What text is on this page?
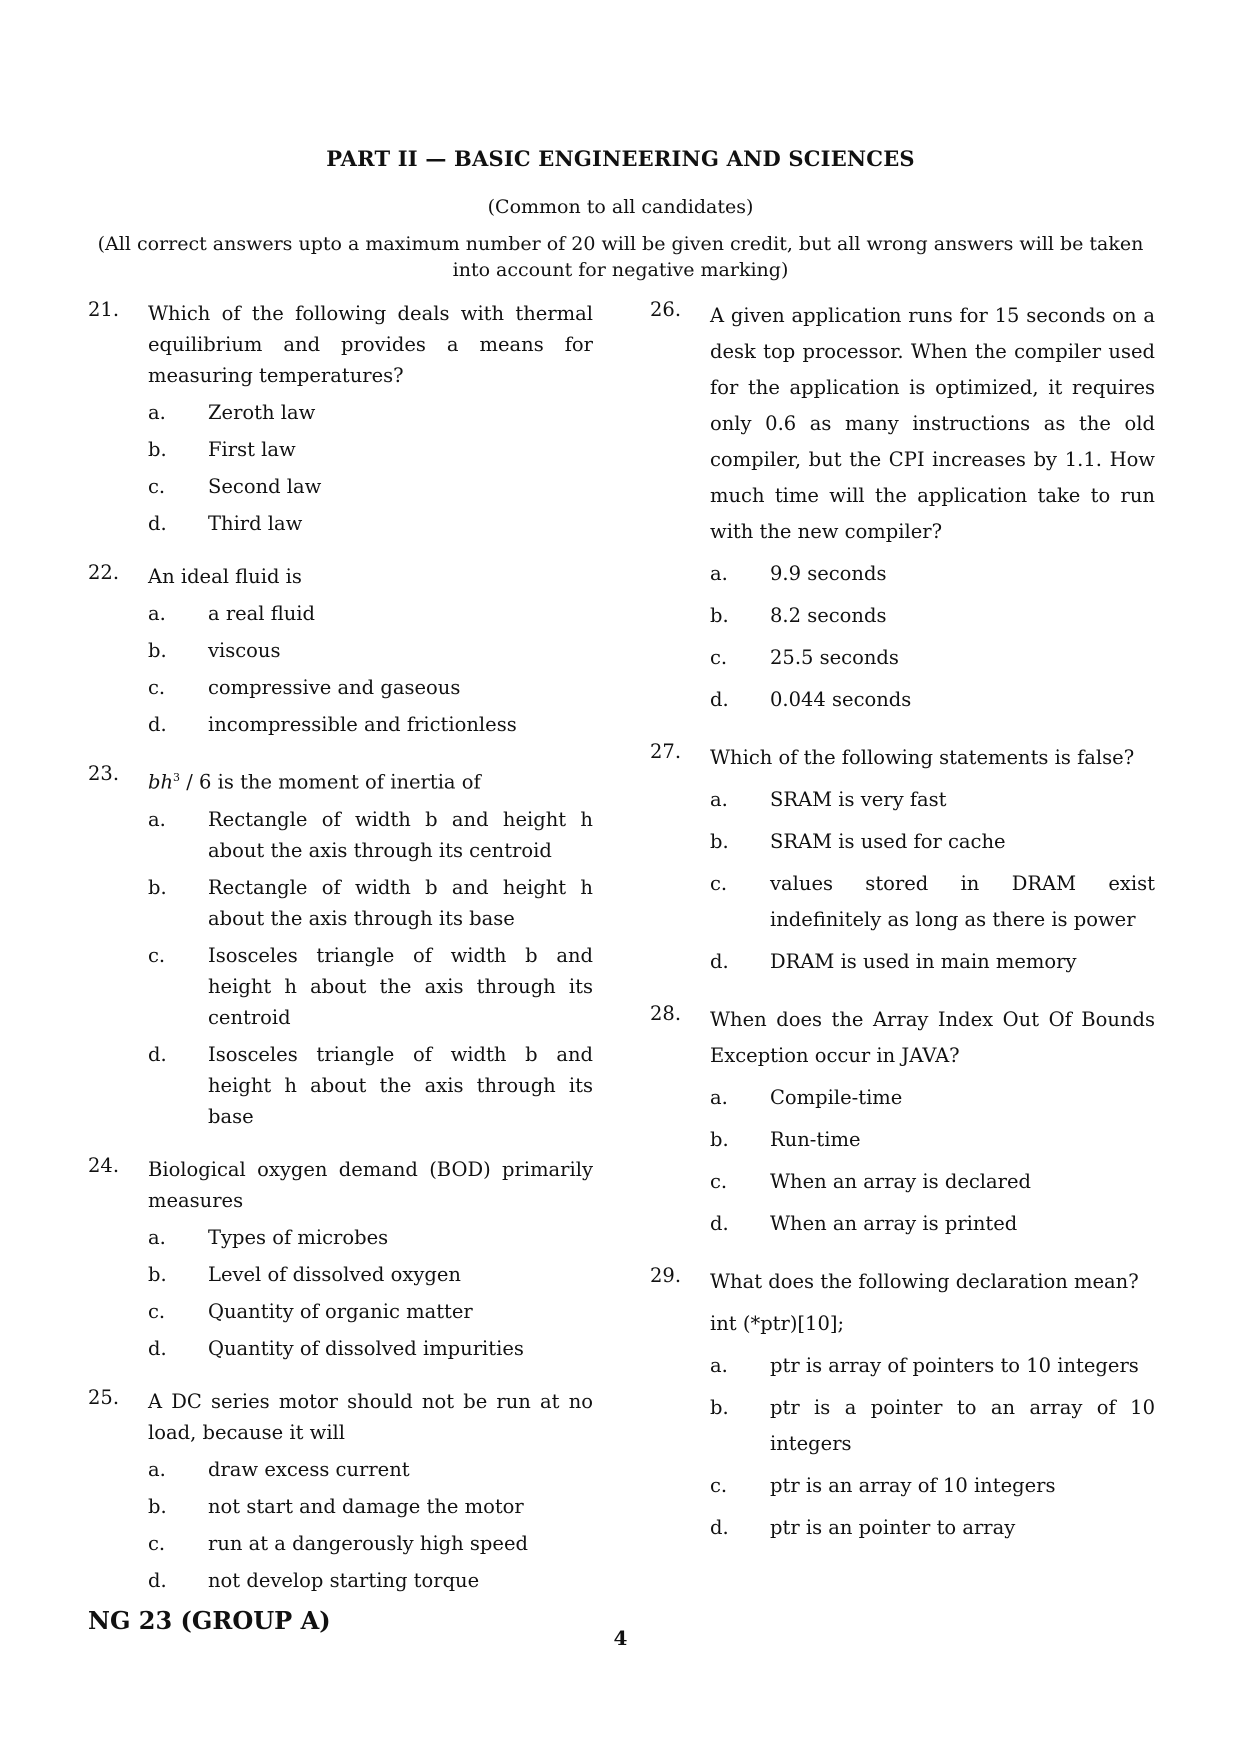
PART II — BASIC ENGINEERING AND SCIENCES
(Common to all candidates)
(All correct answers upto a maximum number of 20 will be given credit, but all wrong answers will be taken into account for negative marking)
21.	Which of the following deals with thermal equilibrium and provides a means for measuring temperatures?
a.	Zeroth law
b.	First law
c.	Second law
d.	Third law
22.	An ideal fluid is
a.	a real fluid
b.	viscous
c.	compressive and gaseous
d.	incompressible and frictionless
23.	$bh^3 / 6$ is the moment of inertia of
a.	Rectangle of width b and height h about the axis through its centroid
b.	Rectangle of width b and height h about the axis through its base
c.	Isosceles triangle of width b and height h about the axis through its centroid
d.	Isosceles triangle of width b and height h about the axis through its base
24.	Biological oxygen demand (BOD) primarily measures
a.	Types of microbes
b.	Level of dissolved oxygen
c.	Quantity of organic matter
d.	Quantity of dissolved impurities
25.	A DC series motor should not be run at no load, because it will
a.	draw excess current
b.	not start and damage the motor
c.	run at a dangerously high speed
d.	not develop starting torque
26.	A given application runs for 15 seconds on a desk top processor. When the compiler used for the application is optimized, it requires only 0.6 as many instructions as the old compiler, but the CPI increases by 1.1. How much time will the application take to run with the new compiler?
a.	9.9 seconds
b.	8.2 seconds
c.	25.5 seconds
d.	0.044 seconds
27.	Which of the following statements is false?
a.	SRAM is very fast
b.	SRAM is used for cache
c.	values stored in DRAM exist indefinitely as long as there is power
d.	DRAM is used in main memory
28.	When does the Array Index Out Of Bounds Exception occur in JAVA?
a.	Compile-time
b.	Run-time
c.	When an array is declared
d.	When an array is printed
29.	What does the following declaration mean?
int (*ptr)[10];
a.	ptr is array of pointers to 10 integers
b.	ptr is a pointer to an array of 10 integers
c.	ptr is an array of 10 integers
d.	ptr is an pointer to array
NG 23 (GROUP A)
4
